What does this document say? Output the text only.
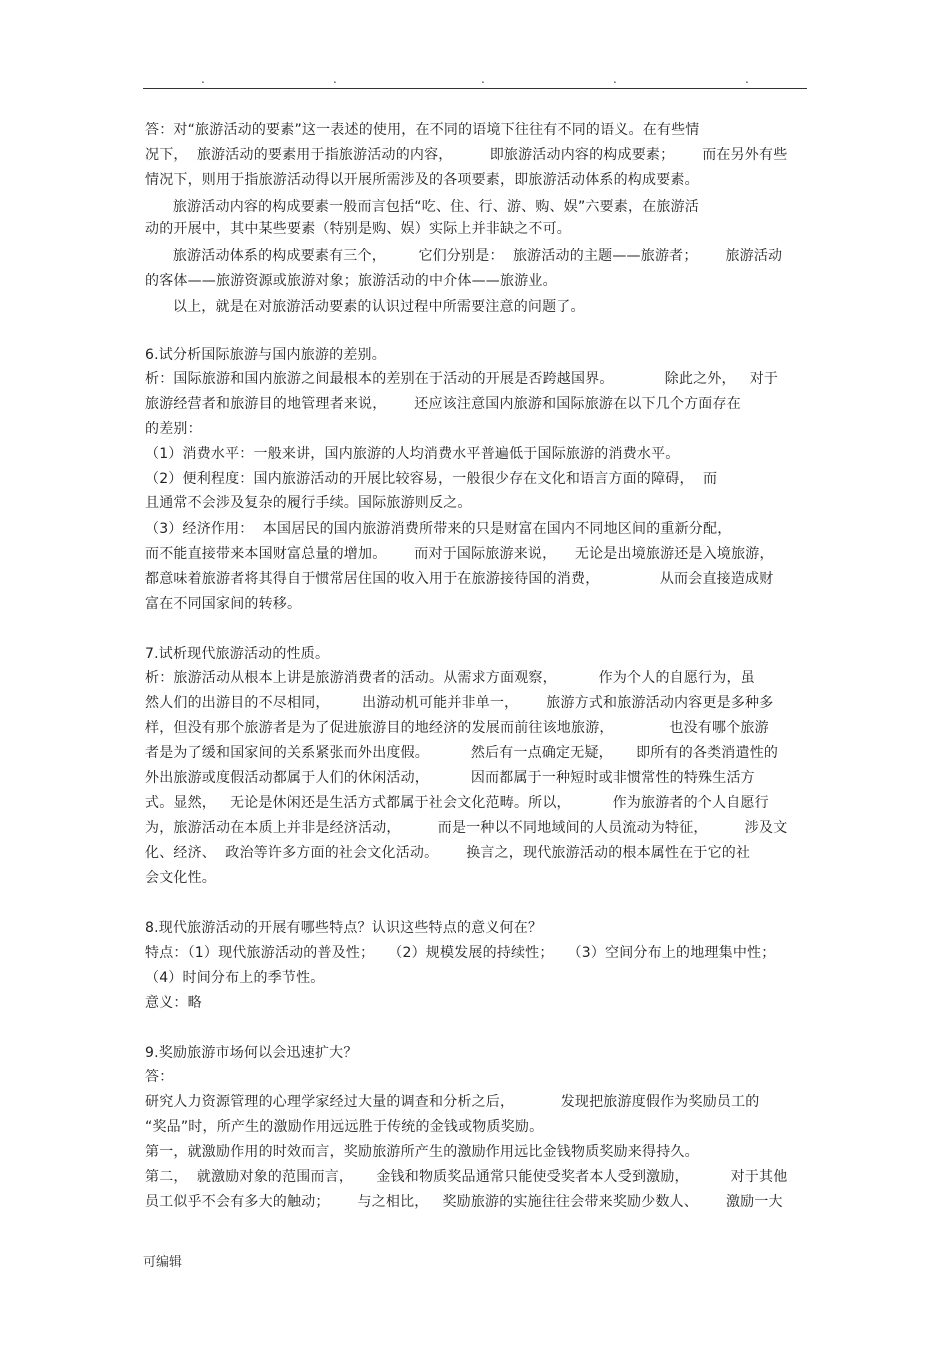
.	.	.	.	.
答：对“旅游活动的要素”这一表述的使用，在不同的语境下往往有不同的语义。在有些情
况下，  旅游活动的要素用于指旅游活动的内容，        即旅游活动内容的构成要素；      而在另外有些
情况下，则用于指旅游活动得以开展所需涉及的各项要素，即旅游活动体系的构成要素。
旅游活动内容的构成要素一般而言包括“吃、住、行、游、购、娱”六要素，在旅游活
动的开展中，其中某些要素（特别是购、娱）实际上并非缺之不可。
旅游活动体系的构成要素有三个，       它们分别是：  旅游活动的主题——旅游者；      旅游活动
的客体——旅游资源或旅游对象；旅游活动的中介体——旅游业。
以上，就是在对旅游活动要素的认识过程中所需要注意的问题了。
6.试分析国际旅游与国内旅游的差别。
析：国际旅游和国内旅游之间最根本的差别在于活动的开展是否跨越国界。           除此之外，   对于
旅游经营者和旅游目的地管理者来说，      还应该注意国内旅游和国际旅游在以下几个方面存在
的差别：
（1）消费水平：一般来讲，国内旅游的人均消费水平普遍低于国际旅游的消费水平。
（2）便利程度：国内旅游活动的开展比较容易，一般很少存在文化和语言方面的障碍，  而
且通常不会涉及复杂的履行手续。国际旅游则反之。
（3）经济作用：  本国居民的国内旅游消费所带来的只是财富在国内不同地区间的重新分配，
而不能直接带来本国财富总量的增加。      而对于国际旅游来说，    无论是出境旅游还是入境旅游，
都意味着旅游者将其得自于惯常居住国的收入用于在旅游接待国的消费，             从而会直接造成财
富在不同国家间的转移。
7.试析现代旅游活动的性质。
析：旅游活动从根本上讲是旅游消费者的活动。从需求方面观察，         作为个人的自愿行为，虽
然人们的出游目的不尽相同，       出游动机可能并非单一，      旅游方式和旅游活动内容更是多种多
样，但没有那个旅游者是为了促进旅游目的地经济的发展而前往该地旅游，            也没有哪个旅游
者是为了缓和国家间的关系紧张而外出度假。         然后有一点确定无疑，     即所有的各类消遣性的
外出旅游或度假活动都属于人们的休闲活动，         因而都属于一种短时或非惯常性的特殊生活方
式。显然，   无论是休闲还是生活方式都属于社会文化范畴。所以，         作为旅游者的个人自愿行
为，旅游活动在本质上并非是经济活动，        而是一种以不同地域间的人员流动为特征，        涉及文
化、经济、  政治等许多方面的社会文化活动。      换言之，现代旅游活动的根本属性在于它的社
会文化性。
8.现代旅游活动的开展有哪些特点？认识这些特点的意义何在？
特点：（1）现代旅游活动的普及性；   （2）规模发展的持续性；   （3）空间分布上的地理集中性；
（4）时间分布上的季节性。
意义：略
9.奖励旅游市场何以会迅速扩大？
答：
研究人力资源管理的心理学家经过大量的调查和分析之后，          发现把旅游度假作为奖励员工的
“奖品”时，所产生的激励作用远远胜于传统的金钱或物质奖励。
第一，就激励作用的时效而言，奖励旅游所产生的激励作用远比金钱物质奖励来得持久。
第二，  就激励对象的范围而言，     金钱和物质奖品通常只能使受奖者本人受到激励，         对于其他
员工似乎不会有多大的触动；      与之相比，   奖励旅游的实施往往会带来奖励少数人、      激励一大
可编辑
